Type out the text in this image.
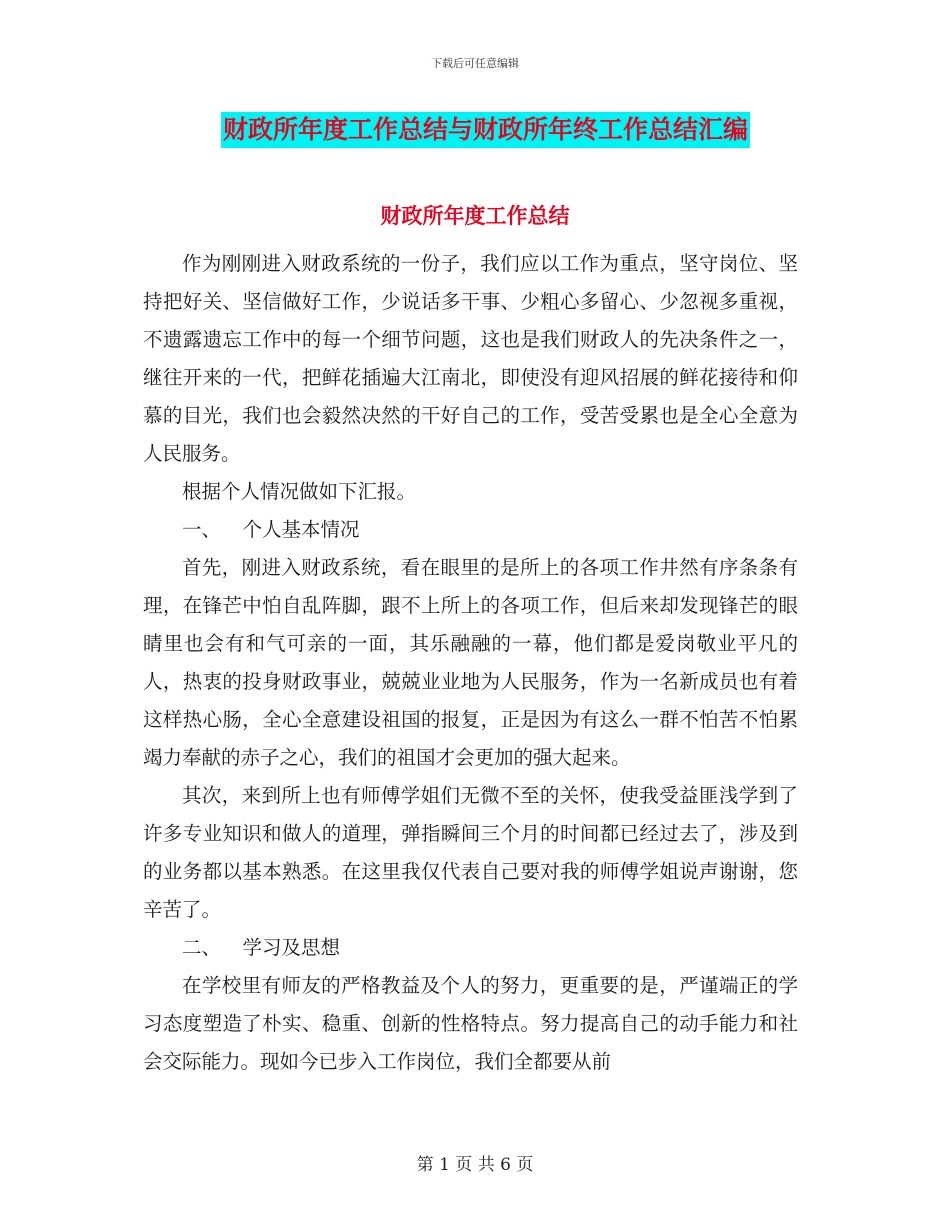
下载后可任意编辑
财政所年度工作总结与财政所年终工作总结汇编
财政所年度工作总结

作为刚刚进入财政系统的一份子，我们应以工作为重点，坚守岗位、坚持把好关、坚信做好工作，少说话多干事、少粗心多留心、少忽视多重视，不遗露遗忘工作中的每一个细节问题，这也是我们财政人的先决条件之一，继往开来的一代，把鲜花插遍大江南北，即使没有迎风招展的鲜花接待和仰慕的目光，我们也会毅然决然的干好自己的工作，受苦受累也是全心全意为人民服务。

根据个人情况做如下汇报。

一、 个人基本情况

首先，刚进入财政系统，看在眼里的是所上的各项工作井然有序条条有理，在锋芒中怕自乱阵脚，跟不上所上的各项工作，但后来却发现锋芒的眼睛里也会有和气可亲的一面，其乐融融的一幕，他们都是爱岗敬业平凡的人，热衷的投身财政事业，兢兢业业地为人民服务，作为一名新成员也有着这样热心肠，全心全意建设祖国的报复，正是因为有这么一群不怕苦不怕累竭力奉献的赤子之心，我们的祖国才会更加的强大起来。

其次，来到所上也有师傅学姐们无微不至的关怀，使我受益匪浅学到了许多专业知识和做人的道理，弹指瞬间三个月的时间都已经过去了，涉及到的业务都以基本熟悉。在这里我仅代表自己要对我的师傅学姐说声谢谢，您辛苦了。

二、 学习及思想

在学校里有师友的严格教益及个人的努力，更重要的是，严谨端正的学习态度塑造了朴实、稳重、创新的性格特点。努力提高自己的动手能力和社会交际能力。现如今已步入工作岗位，我们全都要从前

第 1 页 共 6 页
